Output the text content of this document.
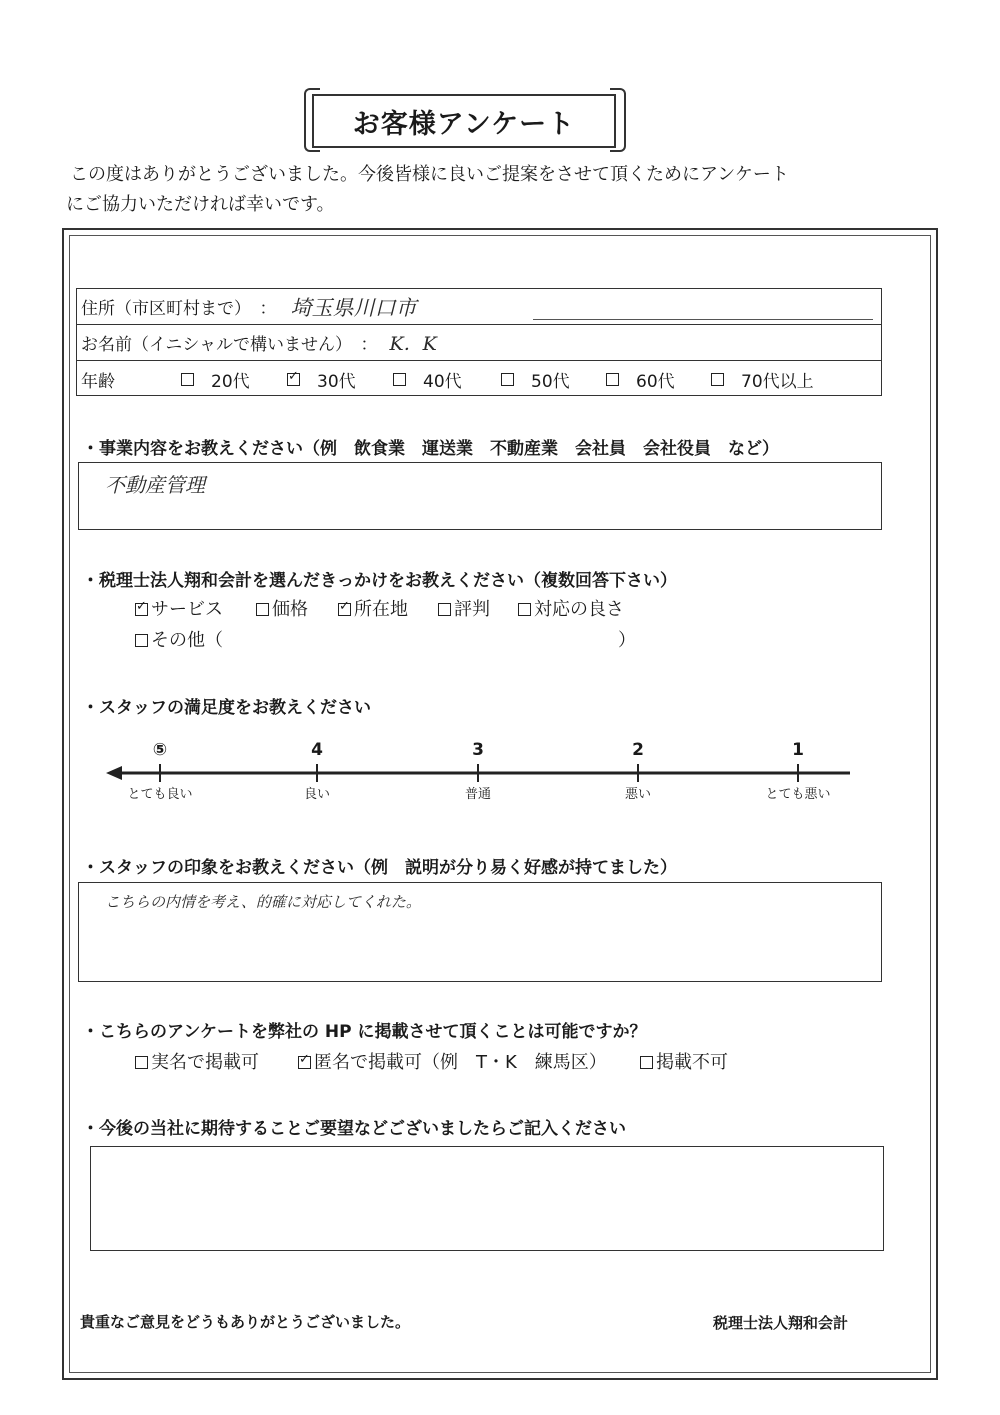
お客様アンケート
この度はありがとうございました。今後皆様に良いご提案をさせて頂くためにアンケート
にご協力いただければ幸いです。
住所（市区町村まで）　： 埼玉県川口市
お名前（イニシャルで構いません）　： K．K
年齢	20代 ✓	30代	40代	50代	60代	70代以上
・事業内容をお教えください（例　飲食業　運送業　不動産業　会社員　会社役員　など）
不動産管理
・税理士法人翔和会計を選んだきっかけをお教えください（複数回答下さい）
✓サービス	価格 ✓	所在地	評判	対応の良さ
その他（	）
・スタッフの満足度をお教えください
⑤
とても良い
4
良い
3
普通
2
悪い
1
とても悪い
・スタッフの印象をお教えください（例　説明が分り易く好感が持てました）
こちらの内情を考え、的確に対応してくれた。
・こちらのアンケートを弊社の HP に掲載させて頂くことは可能ですか？
実名で掲載可 ✓	匿名で掲載可（例　T・K　練馬区）	掲載不可
・今後の当社に期待することご要望などございましたらご記入ください
貴重なご意見をどうもありがとうございました。	税理士法人翔和会計
